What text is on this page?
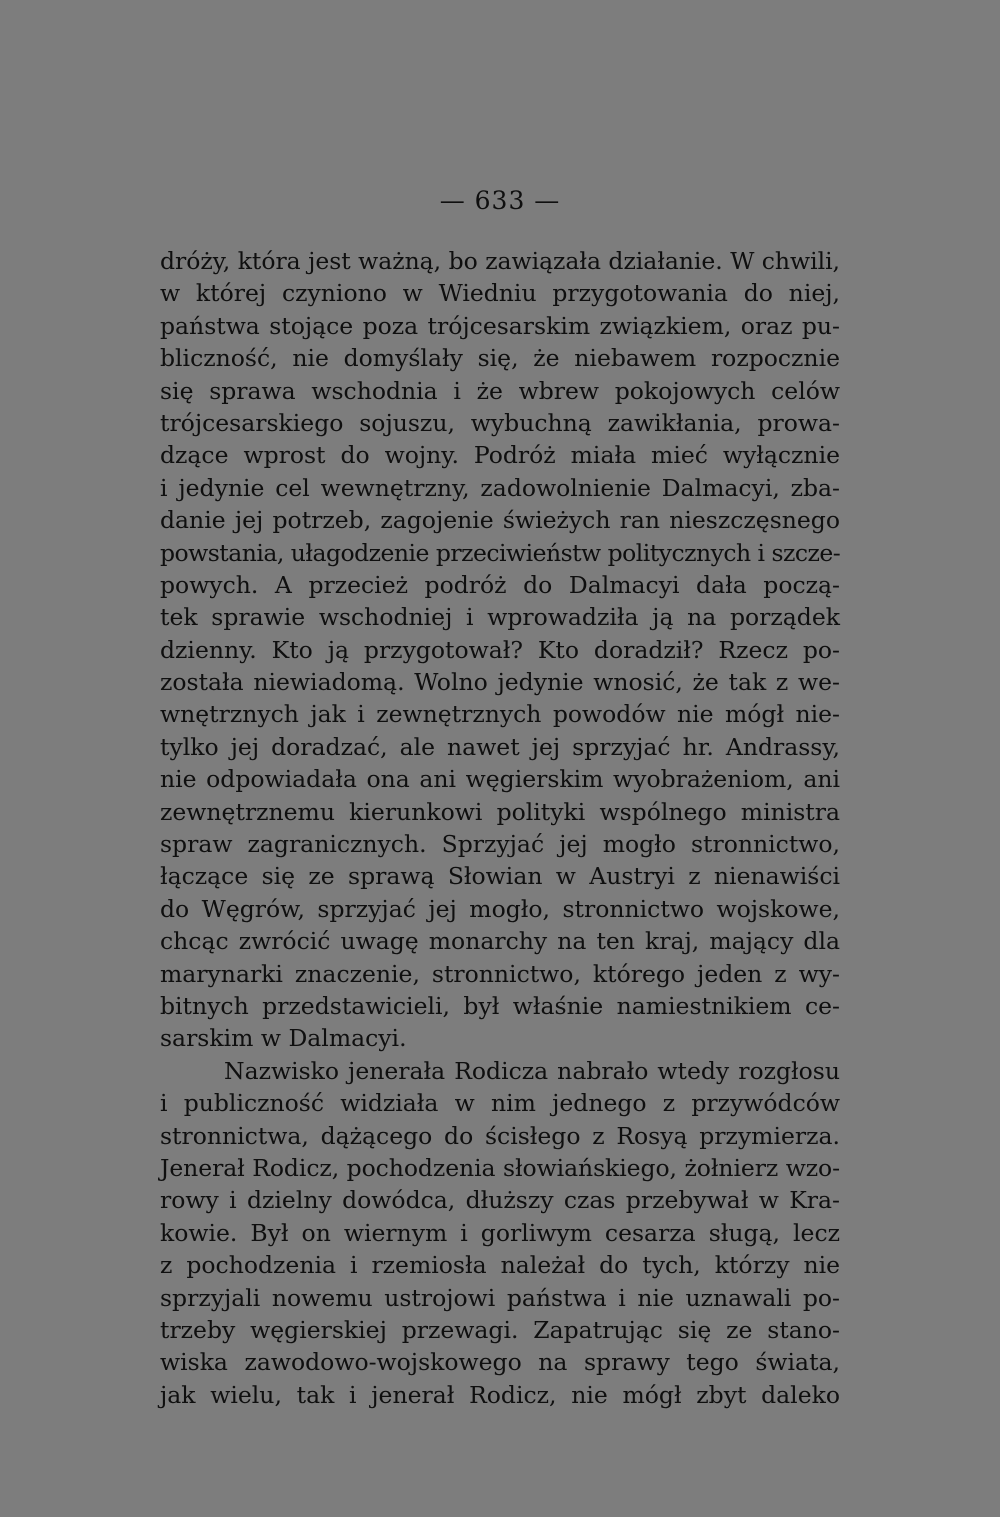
— 633 —
dróży, która jest ważną, bo zawiązała działanie. W chwili,
w której czyniono w Wiedniu przygotowania do niej,
państwa stojące poza trójcesarskim związkiem, oraz pu-
bliczność, nie domyślały się, że niebawem rozpocznie
się sprawa wschodnia i że wbrew pokojowych celów
trójcesarskiego sojuszu, wybuchną zawikłania, prowa-
dzące wprost do wojny. Podróż miała mieć wyłącznie
i jedynie cel wewnętrzny, zadowolnienie Dalmacyi, zba-
danie jej potrzeb, zagojenie świeżych ran nieszczęsnego
powstania, ułagodzenie przeciwieństw politycznych i szcze-
powych. A przecież podróż do Dalmacyi dała począ-
tek sprawie wschodniej i wprowadziła ją na porządek
dzienny. Kto ją przygotował? Kto doradził? Rzecz po-
została niewiadomą. Wolno jedynie wnosić, że tak z we-
wnętrznych jak i zewnętrznych powodów nie mógł nie-
tylko jej doradzać, ale nawet jej sprzyjać hr. Andrassy,
nie odpowiadała ona ani węgierskim wyobrażeniom, ani
zewnętrznemu kierunkowi polityki wspólnego ministra
spraw zagranicznych. Sprzyjać jej mogło stronnictwo,
łączące się ze sprawą Słowian w Austryi z nienawiści
do Węgrów, sprzyjać jej mogło, stronnictwo wojskowe,
chcąc zwrócić uwagę monarchy na ten kraj, mający dla
marynarki znaczenie, stronnictwo, którego jeden z wy-
bitnych przedstawicieli, był właśnie namiestnikiem ce-
sarskim w Dalmacyi.
Nazwisko jenerała Rodicza nabrało wtedy rozgłosu
i publiczność widziała w nim jednego z przywódców
stronnictwa, dążącego do ścisłego z Rosyą przymierza.
Jenerał Rodicz, pochodzenia słowiańskiego, żołnierz wzo-
rowy i dzielny dowódca, dłuższy czas przebywał w Kra-
kowie. Był on wiernym i gorliwym cesarza sługą, lecz
z pochodzenia i rzemiosła należał do tych, którzy nie
sprzyjali nowemu ustrojowi państwa i nie uznawali po-
trzeby węgierskiej przewagi. Zapatrując się ze stano-
wiska zawodowo-wojskowego na sprawy tego świata,
jak wielu, tak i jenerał Rodicz, nie mógł zbyt daleko
